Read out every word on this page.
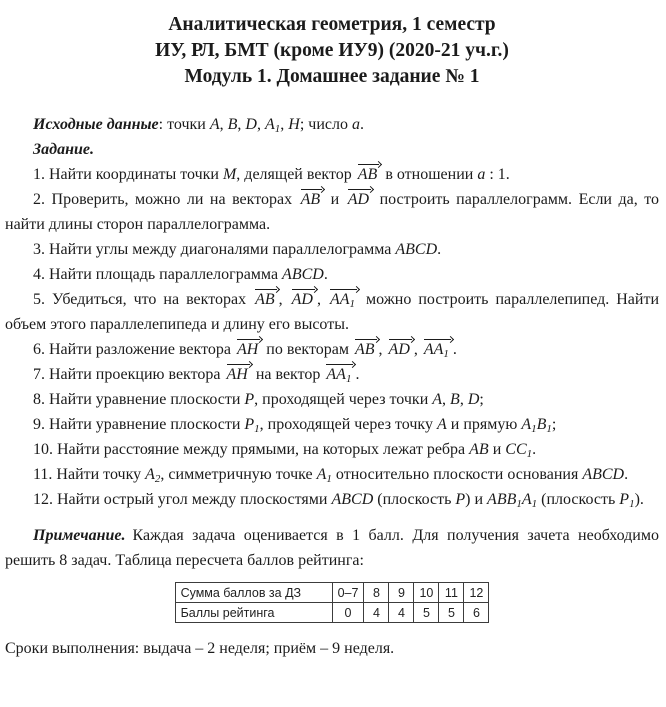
Аналитическая геометрия, 1 семестр
ИУ, РЛ, БМТ (кроме ИУ9) (2020-21 уч.г.)
Модуль 1. Домашнее задание № 1

Исходные данные: точки A, B, D, $A_1$, H; число a.

Задание.

1. Найти координаты точки M, делящей вектор AB в отношении a : 1.

2. Проверить, можно ли на векторах AB и AD построить параллелограмм. Если да, то найти длины сторон параллелограмма.

3. Найти углы между диагоналями параллелограмма ABCD.

4. Найти площадь параллелограмма ABCD.

5. Убедиться, что на векторах AB , AD , $AA_1$ можно построить параллелепипед. Найти объем этого параллелепипеда и длину его высоты.

6. Найти разложение вектора AH по векторам AB , AD , $AA_1$ .

7. Найти проекцию вектора AH на вектор $AA_1$ .

8. Найти уравнение плоскости P, проходящей через точки A, B, D;

9. Найти уравнение плоскости $P_1$, проходящей через точку A и прямую $A_1B_1$;

10. Найти расстояние между прямыми, на которых лежат ребра AB и $CC_1$.

11. Найти точку $A_2$, симметричную точке $A_1$ относительно плоскости основания ABCD.

12. Найти острый угол между плоскостями ABCD (плоскость P) и $ABB_1A_1$ (плоскость $P_1$).

Примечание. Каждая задача оценивается в 1 балл. Для получения зачета необходимо решить 8 задач. Таблица пересчета баллов рейтинга:

Сумма баллов за ДЗ	0–7	8	9	10	11	12
Баллы рейтинга	0	4	4	5	5	6

Сроки выполнения: выдача – 2 неделя; приём – 9 неделя.
